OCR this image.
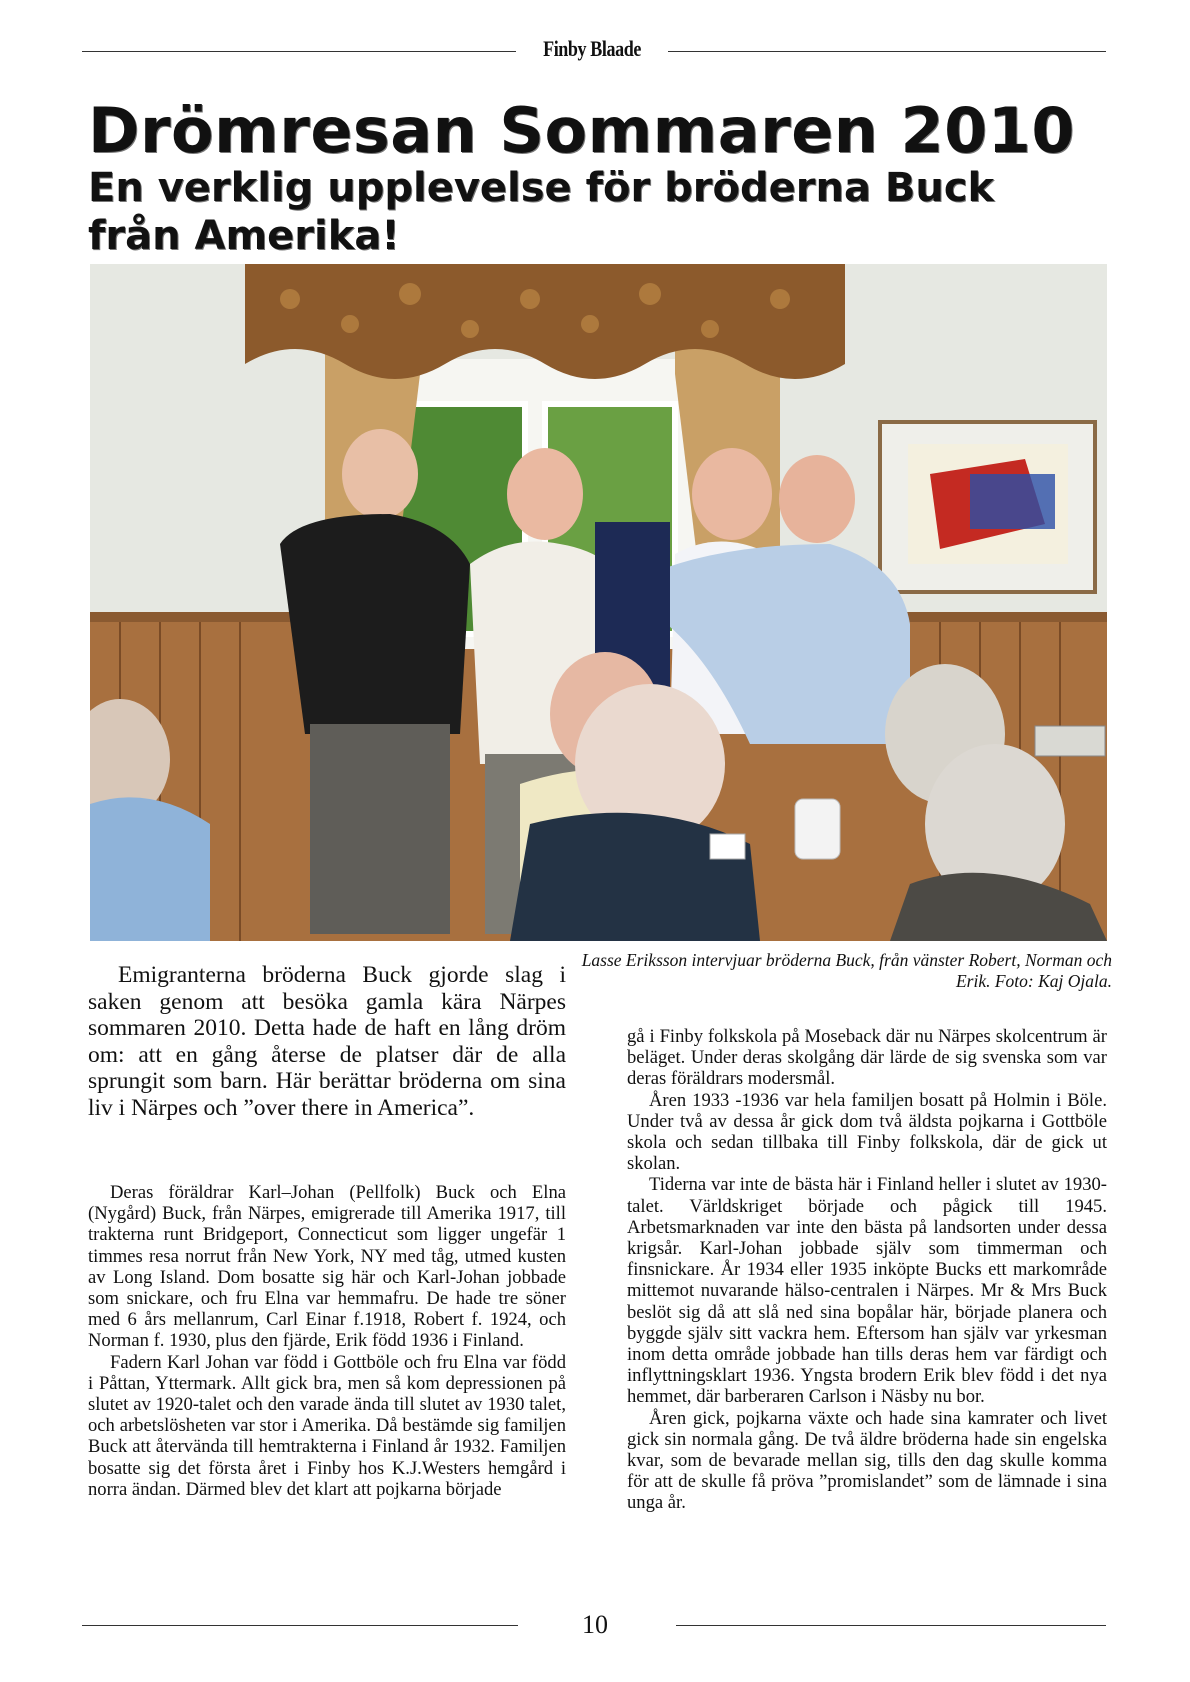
Finby Blaade
Drömresan Sommaren 2010
En verklig upplevelse för bröderna Buck från Amerika!
Lasse Eriksson intervjuar bröderna Buck, från vänster Robert, Norman och Erik. Foto: Kaj Ojala.

Emigranterna bröderna Buck gjorde slag i saken genom att besöka gamla kära Närpes sommaren 2010. Detta hade de haft en lång dröm om: att en gång återse de platser där de alla sprungit som barn. Här berättar bröderna om sina liv i Närpes och ”over there in America”.

Deras föräldrar Karl–Johan (Pellfolk) Buck och Elna (Nygård) Buck, från Närpes, emigrerade till Amerika 1917, till trakterna runt Bridgeport, Connecticut som ligger ungefär 1 timmes resa norrut från New York, NY med tåg, utmed kusten av Long Island. Dom bosatte sig här och Karl-Johan jobbade som snickare, och fru Elna var hemmafru. De hade tre söner med 6 års mellanrum, Carl Einar f.1918, Robert f. 1924, och Norman f. 1930, plus den fjärde, Erik född 1936 i Finland.

Fadern Karl Johan var född i Gottböle och fru Elna var född i Påttan, Yttermark. Allt gick bra, men så kom depressionen på slutet av 1920-talet och den varade ända till slutet av 1930 talet, och arbetslösheten var stor i Amerika. Då bestämde sig familjen Buck att återvända till hemtrakterna i Finland år 1932. Familjen bosatte sig det första året i Finby hos K.J.Westers hemgård i norra ändan. Därmed blev det klart att pojkarna började

gå i Finby folkskola på Moseback där nu Närpes skolcentrum är beläget. Under deras skolgång där lärde de sig svenska som var deras föräldrars modersmål.

Åren 1933 -1936 var hela familjen bosatt på Holmin i Böle. Under två av dessa år gick dom två äldsta pojkarna i Gottböle skola och sedan tillbaka till Finby folkskola, där de gick ut skolan.

Tiderna var inte de bästa här i Finland heller i slutet av 1930-talet. Världskriget började och pågick till 1945. Arbetsmarknaden var inte den bästa på landsorten under dessa krigsår. Karl-Johan jobbade själv som timmerman och finsnickare. År 1934 eller 1935 inköpte Bucks ett markområde mittemot nuvarande hälso-centralen i Närpes. Mr & Mrs Buck beslöt sig då att slå ned sina bopålar här, började planera och byggde själv sitt vackra hem. Eftersom han själv var yrkesman inom detta område jobbade han tills deras hem var färdigt och inflyttningsklart 1936. Yngsta brodern Erik blev född i det nya hemmet, där barberaren Carlson i Näsby nu bor.

Åren gick, pojkarna växte och hade sina kamrater och livet gick sin normala gång. De två äldre bröderna hade sin engelska kvar, som de bevarade mellan sig, tills den dag skulle komma för att de skulle få pröva ”promislandet” som de lämnade i sina unga år.

10
